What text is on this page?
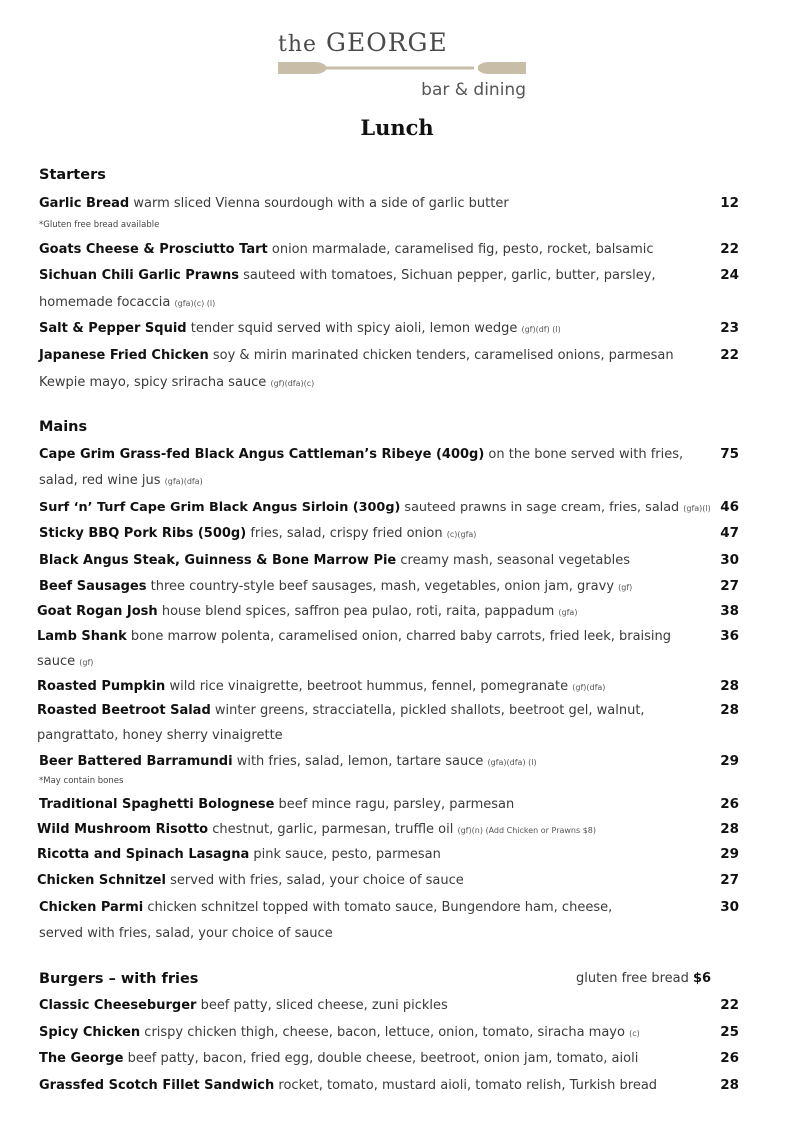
the GEORGE
bar & dining
Lunch
Starters
Garlic Bread warm sliced Vienna sourdough with a side of garlic butter	12
*Gluten free bread available
Goats Cheese & Prosciutto Tart onion marmalade, caramelised fig, pesto, rocket, balsamic	22
Sichuan Chili Garlic Prawns sauteed with tomatoes, Sichuan pepper, garlic, butter, parsley,	24
homemade focaccia (gfa)(c) (l)
Salt & Pepper Squid tender squid served with spicy aioli, lemon wedge (gf)(df) (l)	23
Japanese Fried Chicken soy & mirin marinated chicken tenders, caramelised onions, parmesan	22
Kewpie mayo, spicy sriracha sauce (gf)(dfa)(c)
Mains
Cape Grim Grass-fed Black Angus Cattleman’s Ribeye (400g) on the bone served with fries,	75
salad, red wine jus (gfa)(dfa)
Surf ‘n’ Turf Cape Grim Black Angus Sirloin (300g) sauteed prawns in sage cream, fries, salad (gfa)(l) 46
Sticky BBQ Pork Ribs (500g) fries, salad, crispy fried onion (c)(gfa)	47
Black Angus Steak, Guinness & Bone Marrow Pie creamy mash, seasonal vegetables	30
Beef Sausages three country-style beef sausages, mash, vegetables, onion jam, gravy (gf)	27
Goat Rogan Josh house blend spices, saffron pea pulao, roti, raita, pappadum (gfa)	38
Lamb Shank bone marrow polenta, caramelised onion, charred baby carrots, fried leek, braising	36
sauce (gf)
Roasted Pumpkin wild rice vinaigrette, beetroot hummus, fennel, pomegranate (gf)(dfa)	28
Roasted Beetroot Salad winter greens, stracciatella, pickled shallots, beetroot gel, walnut,	28
pangrattato, honey sherry vinaigrette
Beer Battered Barramundi with fries, salad, lemon, tartare sauce (gfa)(dfa) (l)	29
*May contain bones
Traditional Spaghetti Bolognese beef mince ragu, parsley, parmesan	26
Wild Mushroom Risotto chestnut, garlic, parmesan, truffle oil (gf)(n) (Add Chicken or Prawns $8)	28
Ricotta and Spinach Lasagna pink sauce, pesto, parmesan	29
Chicken Schnitzel served with fries, salad, your choice of sauce	27
Chicken Parmi chicken schnitzel topped with tomato sauce, Bungendore ham, cheese,	30
served with fries, salad, your choice of sauce
Burgers – with fries	gluten free bread $6
Classic Cheeseburger beef patty, sliced cheese, zuni pickles	22
Spicy Chicken crispy chicken thigh, cheese, bacon, lettuce, onion, tomato, siracha mayo (c)	25
The George beef patty, bacon, fried egg, double cheese, beetroot, onion jam, tomato, aioli	26
Grassfed Scotch Fillet Sandwich rocket, tomato, mustard aioli, tomato relish, Turkish bread	28
